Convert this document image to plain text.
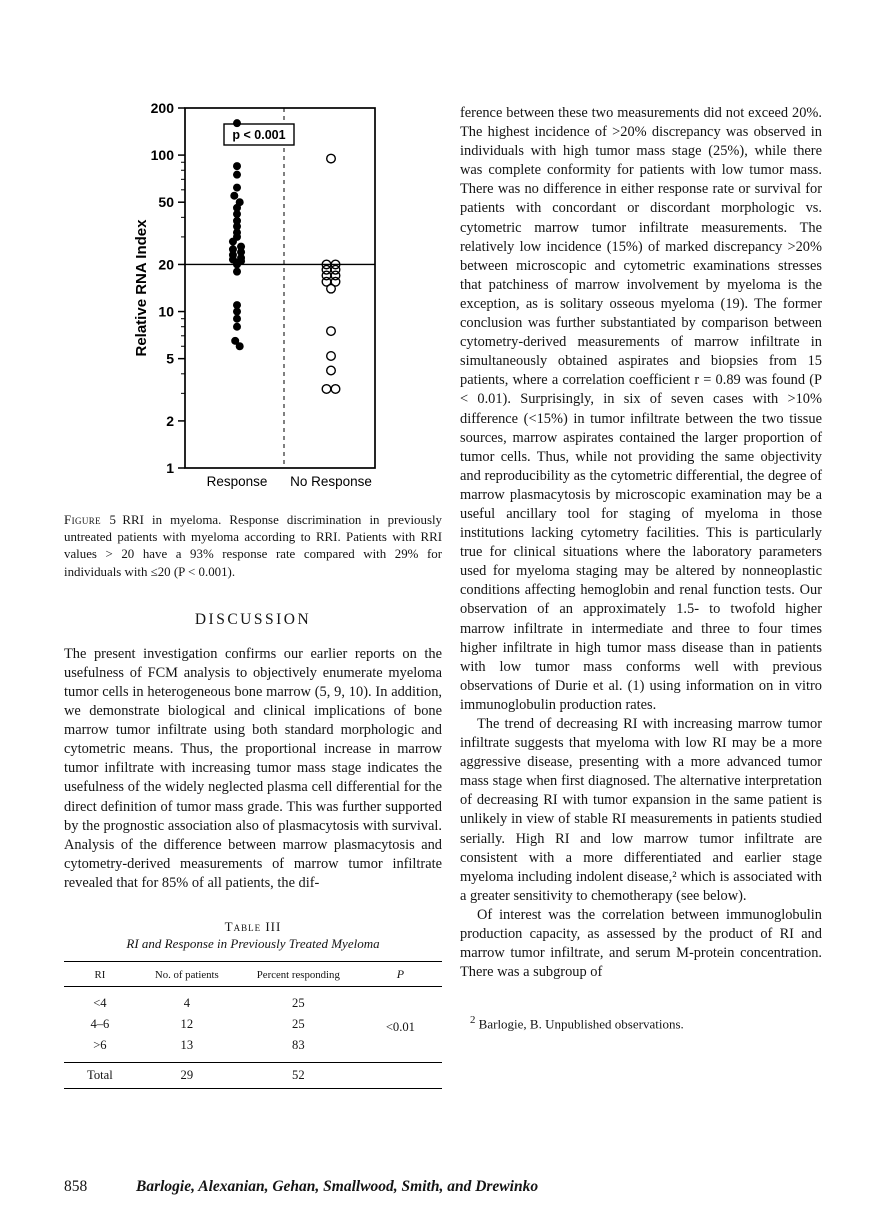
200
100
50
20
10
5
2
1
p < 0.001
Response No Response
Relative RNA Index
Figure 5 RRI in myeloma. Response discrimination in previously untreated patients with myeloma according to RRI. Patients with RRI values > 20 have a 93% response rate compared with 29% for individuals with ≤20 (P < 0.001).
DISCUSSION

The present investigation confirms our earlier reports on the usefulness of FCM analysis to objectively enumerate myeloma tumor cells in heterogeneous bone marrow (5, 9, 10). In addition, we demonstrate biological and clinical implications of bone marrow tumor infiltrate using both standard morphologic and cytometric means. Thus, the proportional increase in marrow tumor infiltrate with increasing tumor mass stage indicates the usefulness of the widely neglected plasma cell differential for the direct definition of tumor mass grade. This was further supported by the prognostic association also of plasmacytosis with survival. Analysis of the difference between marrow plasmacytosis and cytometry-derived measurements of marrow tumor infiltrate revealed that for 85% of all patients, the dif-

Table III
RI and Response in Previously Treated Myeloma
RI	No. of patients	Percent responding	P
<4	4	25	<0.01
4–6	12	25	
>6	13	83	
Total	29	52	

ference between these two measurements did not exceed 20%. The highest incidence of >20% discrepancy was observed in individuals with high tumor mass stage (25%), while there was complete conformity for patients with low tumor mass. There was no difference in either response rate or survival for patients with concordant or discordant morphologic vs. cytometric marrow tumor infiltrate measurements. The relatively low incidence (15%) of marked discrepancy >20% between microscopic and cytometric examinations stresses that patchiness of marrow involvement by myeloma is the exception, as is solitary osseous myeloma (19). The former conclusion was further substantiated by comparison between cytometry-derived measurements of marrow infiltrate in simultaneously obtained aspirates and biopsies from 15 patients, where a correlation coefficient r = 0.89 was found (P < 0.01). Surprisingly, in six of seven cases with >10% difference (<15%) in tumor infiltrate between the two tissue sources, marrow aspirates contained the larger proportion of tumor cells. Thus, while not providing the same objectivity and reproducibility as the cytometric differential, the degree of marrow plasmacytosis by microscopic examination may be a useful ancillary tool for staging of myeloma in those institutions lacking cytometry facilities. This is particularly true for clinical situations where the laboratory parameters used for myeloma staging may be altered by nonneoplastic conditions affecting hemoglobin and renal function tests. Our observation of an approximately 1.5- to twofold higher marrow infiltrate in intermediate and three to four times higher infiltrate in high tumor mass disease than in patients with low tumor mass conforms well with previous observations of Durie et al. (1) using information on in vitro immunoglobulin production rates.

The trend of decreasing RI with increasing marrow tumor infiltrate suggests that myeloma with low RI may be a more aggressive disease, presenting with a more advanced tumor mass stage when first diagnosed. The alternative interpretation of decreasing RI with tumor expansion in the same patient is unlikely in view of stable RI measurements in patients studied serially. High RI and low marrow tumor infiltrate are consistent with a more differentiated and earlier stage myeloma including indolent disease,² which is associated with a greater sensitivity to chemotherapy (see below).

Of interest was the correlation between immunoglobulin production capacity, as assessed by the product of RI and marrow tumor infiltrate, and serum M-protein concentration. There was a subgroup of

$^2$ Barlogie, B. Unpublished observations.
858	Barlogie, Alexanian, Gehan, Smallwood, Smith, and Drewinko
